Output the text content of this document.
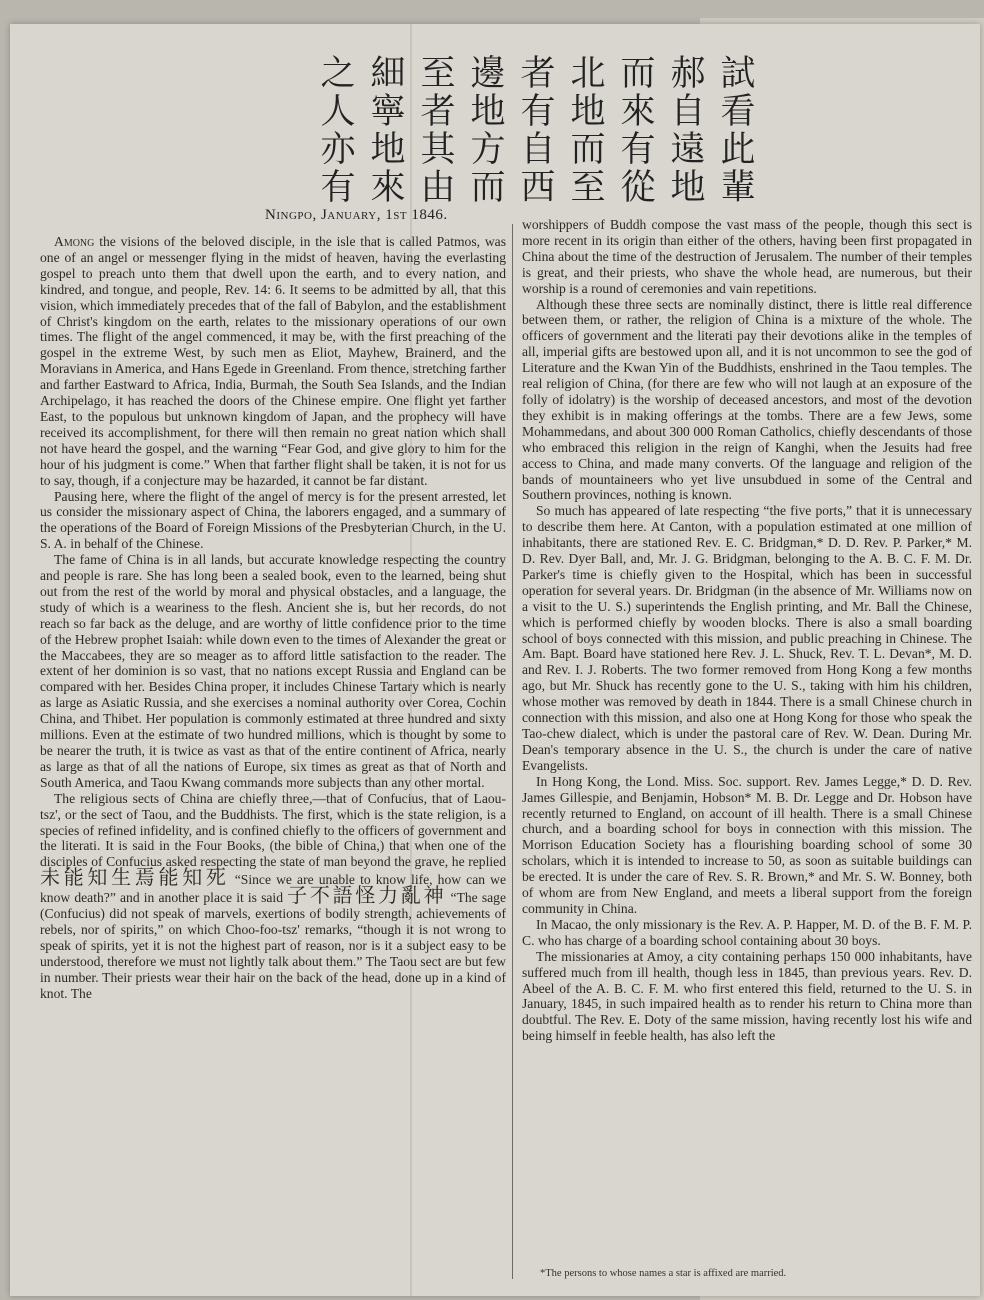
試看此輩
郝自遠地
而來有從
北地而至
者有自西
邊地方而
至者其由
細寧地來
之人亦有
Ningpo, January, 1st 1846.

Among the visions of the beloved disciple, in the isle that is called Patmos, was one of an angel or messenger flying in the midst of heaven, having the everlasting gospel to preach unto them that dwell upon the earth, and to every nation, and kindred, and tongue, and people, Rev. 14: 6. It seems to be admitted by all, that this vision, which immediately precedes that of the fall of Babylon, and the establishment of Christ's kingdom on the earth, relates to the missionary operations of our own times. The flight of the angel commenced, it may be, with the first preaching of the gospel in the extreme West, by such men as Eliot, Mayhew, Brainerd, and the Moravians in America, and Hans Egede in Greenland. From thence, stretching farther and farther Eastward to Africa, India, Burmah, the South Sea Islands, and the Indian Archipelago, it has reached the doors of the Chinese empire. One flight yet farther East, to the populous but unknown kingdom of Japan, and the prophecy will have received its accomplishment, for there will then remain no great nation which shall not have heard the gospel, and the warning “Fear God, and give glory to him for the hour of his judgment is come.” When that farther flight shall be taken, it is not for us to say, though, if a conjecture may be hazarded, it cannot be far distant.

Pausing here, where the flight of the angel of mercy is for the present arrested, let us consider the missionary aspect of China, the laborers engaged, and a summary of the operations of the Board of Foreign Missions of the Presbyterian Church, in the U. S. A. in behalf of the Chinese.

The fame of China is in all lands, but accurate knowledge respecting the country and people is rare. She has long been a sealed book, even to the learned, being shut out from the rest of the world by moral and physical obstacles, and a language, the study of which is a weariness to the flesh. Ancient she is, but her records, do not reach so far back as the deluge, and are worthy of little confidence prior to the time of the Hebrew prophet Isaiah: while down even to the times of Alexander the great or the Maccabees, they are so meager as to afford little satisfaction to the reader. The extent of her dominion is so vast, that no nations except Russia and England can be compared with her. Besides China proper, it includes Chinese Tartary which is nearly as large as Asiatic Russia, and she exercises a nominal authority over Corea, Cochin China, and Thibet. Her population is commonly estimated at three hundred and sixty millions. Even at the estimate of two hundred millions, which is thought by some to be nearer the truth, it is twice as vast as that of the entire continent of Africa, nearly as large as that of all the nations of Europe, six times as great as that of North and South America, and Taou Kwang commands more subjects than any other mortal.

The religious sects of China are chiefly three,—that of Confucius, that of Laou-tsz', or the sect of Taou, and the Buddhists. The first, which is the state religion, is a species of refined infidelity, and is confined chiefly to the officers of government and the literati. It is said in the Four Books, (the bible of China,) that when one of the disciples of Confucius asked respecting the state of man beyond the grave, he replied 未能知生焉能知死 “Since we are unable to know life, how can we know death?” and in another place it is said 子不語怪力亂神 “The sage (Confucius) did not speak of marvels, exertions of bodily strength, achievements of rebels, nor of spirits,” on which Choo-foo-tsz' remarks, “though it is not wrong to speak of spirits, yet it is not the highest part of reason, nor is it a subject easy to be understood, therefore we must not lightly talk about them.” The Taou sect are but few in number. Their priests wear their hair on the back of the head, done up in a kind of knot. The

worshippers of Buddh compose the vast mass of the people, though this sect is more recent in its origin than either of the others, having been first propagated in China about the time of the destruction of Jerusalem. The number of their temples is great, and their priests, who shave the whole head, are numerous, but their worship is a round of ceremonies and vain repetitions.

Although these three sects are nominally distinct, there is little real difference between them, or rather, the religion of China is a mixture of the whole. The officers of government and the literati pay their devotions alike in the temples of all, imperial gifts are bestowed upon all, and it is not uncommon to see the god of Literature and the Kwan Yin of the Buddhists, enshrined in the Taou temples. The real religion of China, (for there are few who will not laugh at an exposure of the folly of idolatry) is the worship of deceased ancestors, and most of the devotion they exhibit is in making offerings at the tombs. There are a few Jews, some Mohammedans, and about 300 000 Roman Catholics, chiefly descendants of those who embraced this religion in the reign of Kanghi, when the Jesuits had free access to China, and made many converts. Of the language and religion of the bands of mountaineers who yet live unsubdued in some of the Central and Southern provinces, nothing is known.

So much has appeared of late respecting “the five ports,” that it is unnecessary to describe them here. At Canton, with a population estimated at one million of inhabitants, there are stationed Rev. E. C. Bridgman,* D. D. Rev. P. Parker,* M. D. Rev. Dyer Ball, and, Mr. J. G. Bridgman, belonging to the A. B. C. F. M. Dr. Parker's time is chiefly given to the Hospital, which has been in successful operation for several years. Dr. Bridgman (in the absence of Mr. Williams now on a visit to the U. S.) superintends the English printing, and Mr. Ball the Chinese, which is performed chiefly by wooden blocks. There is also a small boarding school of boys connected with this mission, and public preaching in Chinese. The Am. Bapt. Board have stationed here Rev. J. L. Shuck, Rev. T. L. Devan*, M. D. and Rev. I. J. Roberts. The two former removed from Hong Kong a few months ago, but Mr. Shuck has recently gone to the U. S., taking with him his children, whose mother was removed by death in 1844. There is a small Chinese church in connection with this mission, and also one at Hong Kong for those who speak the Tao-chew dialect, which is under the pastoral care of Rev. W. Dean. During Mr. Dean's temporary absence in the U. S., the church is under the care of native Evangelists.

In Hong Kong, the Lond. Miss. Soc. support. Rev. James Legge,* D. D. Rev. James Gillespie, and Benjamin, Hobson* M. B. Dr. Legge and Dr. Hobson have recently returned to England, on account of ill health. There is a small Chinese church, and a boarding school for boys in connection with this mission. The Morrison Education Society has a flourishing boarding school of some 30 scholars, which it is intended to increase to 50, as soon as suitable buildings can be erected. It is under the care of Rev. S. R. Brown,* and Mr. S. W. Bonney, both of whom are from New England, and meets a liberal support from the foreign community in China.

In Macao, the only missionary is the Rev. A. P. Happer, M. D. of the B. F. M. P. C. who has charge of a boarding school containing about 30 boys.

The missionaries at Amoy, a city containing perhaps 150 000 inhabitants, have suffered much from ill health, though less in 1845, than previous years. Rev. D. Abeel of the A. B. C. F. M. who first entered this field, returned to the U. S. in January, 1845, in such impaired health as to render his return to China more than doubtful. The Rev. E. Doty of the same mission, having recently lost his wife and being himself in feeble health, has also left the

*The persons to whose names a star is affixed are married.
